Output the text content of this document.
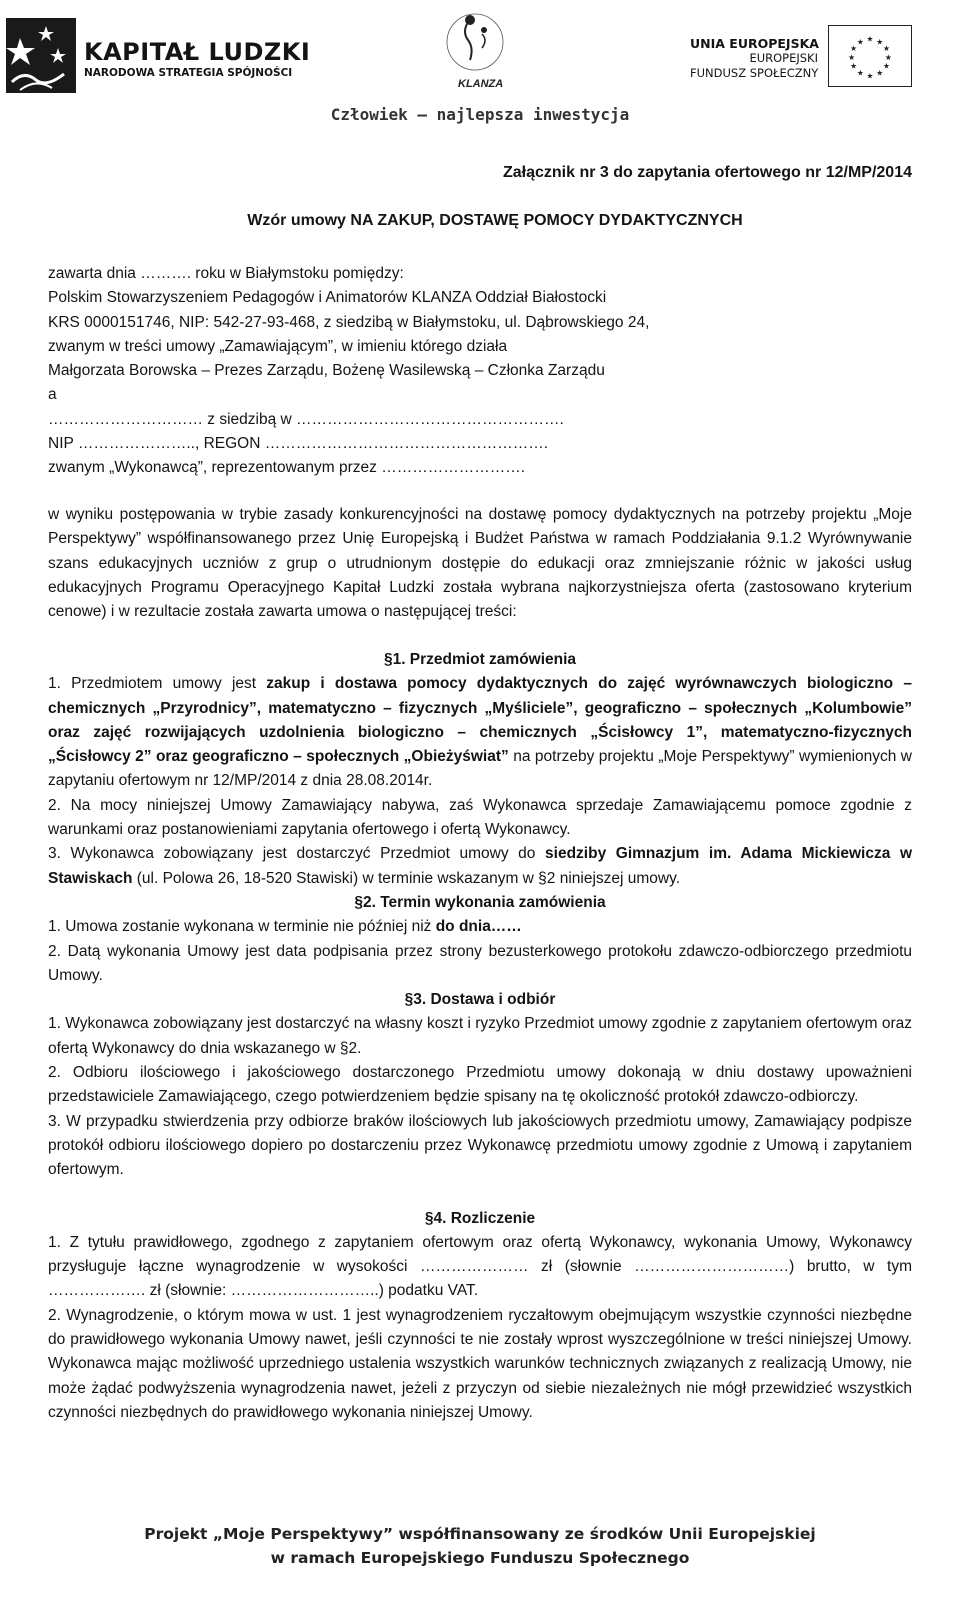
KAPITAŁ LUDZKI
NARODOWA STRATEGIA SPÓJNOŚCI
KLANZA
UNIA EUROPEJSKA
EUROPEJSKI
FUNDUSZ SPOŁECZNY
★ ★
★
★
★
★
★
★
★
★
★
★
Człowiek – najlepsza inwestycja
Załącznik nr 3 do zapytania ofertowego nr 12/MP/2014
Wzór umowy NA ZAKUP, DOSTAWĘ POMOCY DYDAKTYCZNYCH
zawarta dnia ………. roku w Białymstoku pomiędzy:
Polskim Stowarzyszeniem Pedagogów i Animatorów KLANZA Oddział Białostocki
KRS 0000151746, NIP: 542-27-93-468, z siedzibą w Białymstoku, ul. Dąbrowskiego 24,
zwanym w treści umowy „Zamawiającym”, w imieniu którego działa
Małgorzata Borowska – Prezes Zarządu, Bożenę Wasilewską – Członka Zarządu
a
………………………… z siedzibą w …………………………………………….
NIP ………………….., REGON ……………………………………………….
zwanym „Wykonawcą”, reprezentowanym przez ……………………….
w wyniku postępowania w trybie zasady konkurencyjności na dostawę pomocy dydaktycznych na potrzeby projektu „Moje Perspektywy” współfinansowanego przez Unię Europejską i Budżet Państwa w ramach Poddziałania 9.1.2 Wyrównywanie szans edukacyjnych uczniów z grup o utrudnionym dostępie do edukacji oraz zmniejszanie różnic w jakości usług edukacyjnych Programu Operacyjnego Kapitał Ludzki została wybrana najkorzystniejsza oferta (zastosowano kryterium cenowe) i w rezultacie została zawarta umowa o następującej treści:
§1. Przedmiot zamówienia
1. Przedmiotem umowy jest zakup i dostawa pomocy dydaktycznych do zajęć wyrównawczych biologiczno – chemicznych „Przyrodnicy”, matematyczno – fizycznych „Myśliciele”, geograficzno – społecznych „Kolumbowie” oraz zajęć rozwijających uzdolnienia biologiczno – chemicznych „Ścisłowcy 1”, matematyczno-fizycznych „Ścisłowcy 2” oraz geograficzno – społecznych „Obieżyświat” na potrzeby projektu „Moje Perspektywy” wymienionych w zapytaniu ofertowym nr 12/MP/2014 z dnia 28.08.2014r.
2. Na mocy niniejszej Umowy Zamawiający nabywa, zaś Wykonawca sprzedaje Zamawiającemu pomoce zgodnie z warunkami oraz postanowieniami zapytania ofertowego i ofertą Wykonawcy.
3. Wykonawca zobowiązany jest dostarczyć Przedmiot umowy do siedziby Gimnazjum im. Adama Mickiewicza w Stawiskach (ul. Polowa 26, 18-520 Stawiski) w terminie wskazanym w §2 niniejszej umowy.
§2. Termin wykonania zamówienia
1. Umowa zostanie wykonana w terminie nie później niż do dnia……
2. Datą wykonania Umowy jest data podpisania przez strony bezusterkowego protokołu zdawczo-odbiorczego przedmiotu Umowy.
§3. Dostawa i odbiór
1. Wykonawca zobowiązany jest dostarczyć na własny koszt i ryzyko Przedmiot umowy zgodnie z zapytaniem ofertowym oraz ofertą Wykonawcy do dnia wskazanego w §2.
2. Odbioru ilościowego i jakościowego dostarczonego Przedmiotu umowy dokonają w dniu dostawy upoważnieni przedstawiciele Zamawiającego, czego potwierdzeniem będzie spisany na tę okoliczność protokół zdawczo-odbiorczy.
3. W przypadku stwierdzenia przy odbiorze braków ilościowych lub jakościowych przedmiotu umowy, Zamawiający podpisze protokół odbioru ilościowego dopiero po dostarczeniu przez Wykonawcę przedmiotu umowy zgodnie z Umową i zapytaniem ofertowym.
§4. Rozliczenie
1. Z tytułu prawidłowego, zgodnego z zapytaniem ofertowym oraz ofertą Wykonawcy, wykonania Umowy, Wykonawcy przysługuje łączne wynagrodzenie w wysokości ………………… zł (słownie …………………………) brutto, w tym ………………. zł (słownie: ………………………..) podatku VAT.
2. Wynagrodzenie, o którym mowa w ust. 1 jest wynagrodzeniem ryczałtowym obejmującym wszystkie czynności niezbędne do prawidłowego wykonania Umowy nawet, jeśli czynności te nie zostały wprost wyszczególnione w treści niniejszej Umowy. Wykonawca mając możliwość uprzedniego ustalenia wszystkich warunków technicznych związanych z realizacją Umowy, nie może żądać podwyższenia wynagrodzenia nawet, jeżeli z przyczyn od siebie niezależnych nie mógł przewidzieć wszystkich czynności niezbędnych do prawidłowego wykonania niniejszej Umowy.
Projekt „Moje Perspektywy” współfinansowany ze środków Unii Europejskiej
w ramach Europejskiego Funduszu Społecznego
